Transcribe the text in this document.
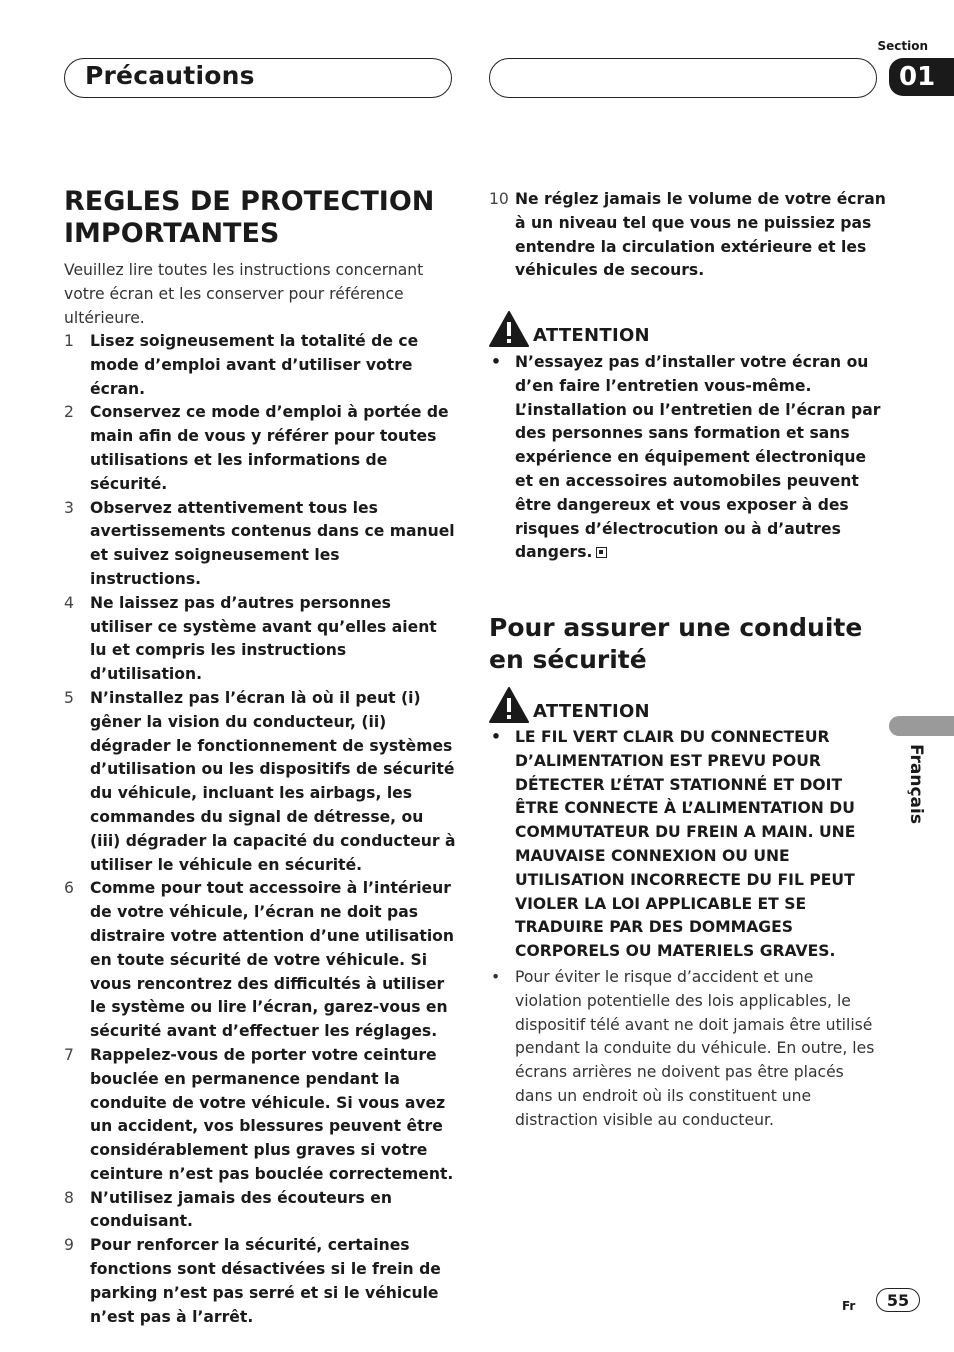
Précautions
Section
01
REGLES DE PROTECTION IMPORTANTES
Veuillez lire toutes les instructions concernant votre écran et les conserver pour référence ultérieure.
1 Lisez soigneusement la totalité de ce mode d’emploi avant d’utiliser votre écran.
2 Conservez ce mode d’emploi à portée de main afin de vous y référer pour toutes utilisations et les informations de sécurité.
3 Observez attentivement tous les avertissements contenus dans ce manuel et suivez soigneusement les instructions.
4 Ne laissez pas d’autres personnes utiliser ce système avant qu’elles aient lu et compris les instructions d’utilisation.
5 N’installez pas l’écran là où il peut (i) gêner la vision du conducteur, (ii) dégrader le fonctionnement de systèmes d’utilisation ou les dispositifs de sécurité du véhicule, incluant les airbags, les commandes du signal de détresse, ou (iii) dégrader la capacité du conducteur à utiliser le véhicule en sécurité.
6 Comme pour tout accessoire à l’intérieur de votre véhicule, l’écran ne doit pas distraire votre attention d’une utilisation en toute sécurité de votre véhicule. Si vous rencontrez des difficultés à utiliser le système ou lire l’écran, garez-vous en sécurité avant d’effectuer les réglages.
7 Rappelez-vous de porter votre ceinture bouclée en permanence pendant la conduite de votre véhicule. Si vous avez un accident, vos blessures peuvent être considérablement plus graves si votre ceinture n’est pas bouclée correctement.
8 N’utilisez jamais des écouteurs en conduisant.
9 Pour renforcer la sécurité, certaines fonctions sont désactivées si le frein de parking n’est pas serré et si le véhicule n’est pas à l’arrêt.
10 Ne réglez jamais le volume de votre écran à un niveau tel que vous ne puissiez pas entendre la circulation extérieure et les véhicules de secours.
ATTENTION
• N’essayez pas d’installer votre écran ou d’en faire l’entretien vous-même. L’installation ou l’entretien de l’écran par des personnes sans formation et sans expérience en équipement électronique et en accessoires automobiles peuvent être dangereux et vous exposer à des risques d’électrocution ou à d’autres dangers.
Pour assurer une conduite en sécurité
ATTENTION
• LE FIL VERT CLAIR DU CONNECTEUR D’ALIMENTATION EST PREVU POUR DÉTECTER L’ÉTAT STATIONNÉ ET DOIT ÊTRE CONNECTE À L’ALIMENTATION DU COMMUTATEUR DU FREIN A MAIN. UNE MAUVAISE CONNEXION OU UNE UTILISATION INCORRECTE DU FIL PEUT VIOLER LA LOI APPLICABLE ET SE TRADUIRE PAR DES DOMMAGES CORPORELS OU MATERIELS GRAVES.
• Pour éviter le risque d’accident et une violation potentielle des lois applicables, le dispositif télé avant ne doit jamais être utilisé pendant la conduite du véhicule. En outre, les écrans arrières ne doivent pas être placés dans un endroit où ils constituent une distraction visible au conducteur.
Français
Fr	55
